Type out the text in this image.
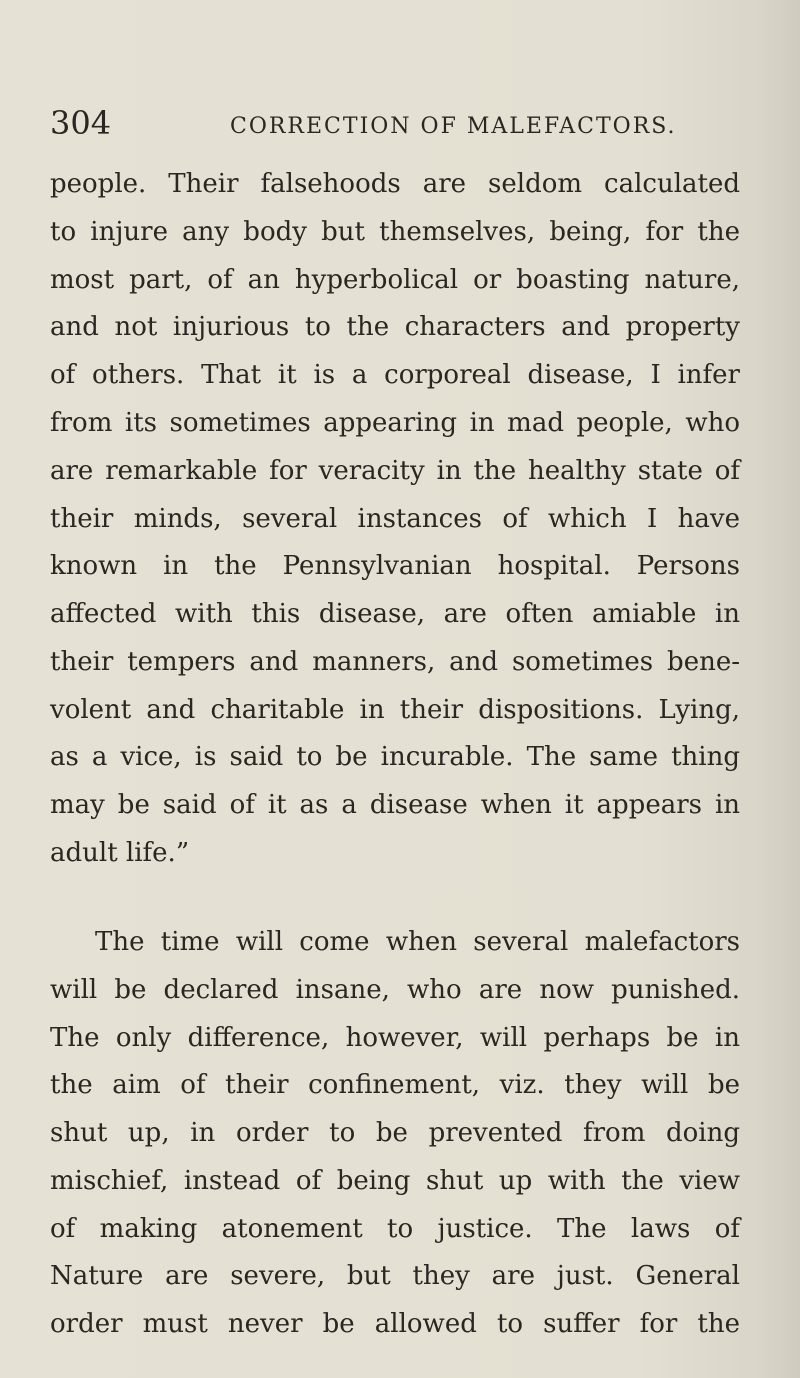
304	CORRECTION OF MALEFACTORS.
people. Their falsehoods are seldom calculated
to injure any body but themselves, being, for the
most part, of an hyperbolical or boasting nature,
and not injurious to the characters and property
of others. That it is a corporeal disease, I infer
from its sometimes appearing in mad people, who
are remarkable for veracity in the healthy state of
their minds, several instances of which I have
known in the Pennsylvanian hospital. Persons
affected with this disease, are often amiable in
their tempers and manners, and sometimes bene-
volent and charitable in their dispositions. Lying,
as a vice, is said to be incurable. The same thing
may be said of it as a disease when it appears in
adult life.”
The time will come when several malefactors
will be declared insane, who are now punished.
The only difference, however, will perhaps be in
the aim of their confinement, viz. they will be
shut up, in order to be prevented from doing
mischief, instead of being shut up with the view
of making atonement to justice. The laws of
Nature are severe, but they are just. General
order must never be allowed to suffer for the
